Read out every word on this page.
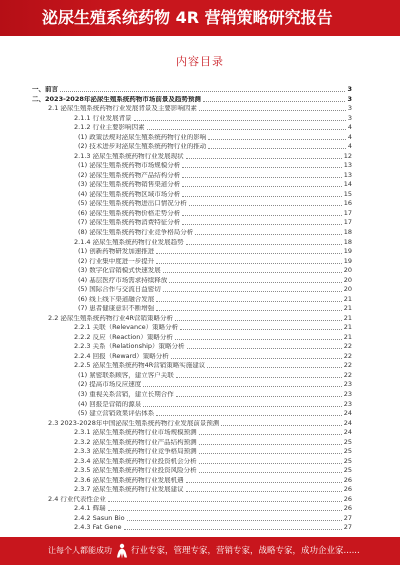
泌尿生殖系统药物 4R 营销策略研究报告
内容目录
一、前言	3
二、2023-2028年泌尿生殖系统药物市场前景及趋势预测	3
2.1 泌尿生殖系统药物行业发展背景及主要影响因素	3
2.1.1 行业发展背景	3
2.1.2 行业主要影响因素	4
(1) 政策法规对泌尿生殖系统药物行业的影响	4
(2) 技术进步对泌尿生殖系统药物行业的推动	4
2.1.3 泌尿生殖系统药物行业发展现状	12
(1) 泌尿生殖系统药物市场规模分析	13
(2) 泌尿生殖系统药物产品结构分析	13
(3) 泌尿生殖系统药物销售渠道分析	14
(4) 泌尿生殖系统药物区域市场分析	15
(5) 泌尿生殖系统药物进出口情况分析	16
(6) 泌尿生殖系统药物价格走势分析	17
(7) 泌尿生殖系统药物消费特征分析	17
(8) 泌尿生殖系统药物行业竞争格局分析	18
2.1.4 泌尿生殖系统药物行业发展趋势	18
(1) 创新药物研发加速推进	19
(2) 行业集中度进一步提升	19
(3) 数字化营销模式快速发展	20
(4) 基层医疗市场需求持续释放	20
(5) 国际合作与交流日益密切	20
(6) 线上线下渠道融合发展	21
(7) 患者健康意识不断增强	21
2.2 泌尿生殖系统药物行业4R营销策略分析	21
2.2.1 关联（Relevance）策略分析	21
2.2.2 反应（Reaction）策略分析	21
2.2.3 关系（Relationship）策略分析	22
2.2.4 回报（Reward）策略分析	22
2.2.5 泌尿生殖系统药物4R营销策略实施建议	22
(1) 紧密联系顾客，建立客户关联	22
(2) 提高市场反应速度	23
(3) 重视关系营销，建立长期合作	23
(4) 回报是营销的源泉	23
(5) 建立营销效果评估体系	24
2.3 2023-2028年中国泌尿生殖系统药物行业发展前景预测	24
2.3.1 泌尿生殖系统药物行业市场规模预测	24
2.3.2 泌尿生殖系统药物行业产品结构预测	25
2.3.3 泌尿生殖系统药物行业竞争格局预测	25
2.3.4 泌尿生殖系统药物行业投资机会分析	25
2.3.5 泌尿生殖系统药物行业投资风险分析	25
2.3.6 泌尿生殖系统药物行业发展机遇	26
2.3.7 泌尿生殖系统药物行业发展建议	26
2.4 行业代表性企业	26
2.4.1 辉瑞	26
2.4.2 Sasun Bio	27
2.4.3 Fat Gene	27
让每个人都能成功 行业专家，管理专家，营销专家，战略专家，成功企业家......
